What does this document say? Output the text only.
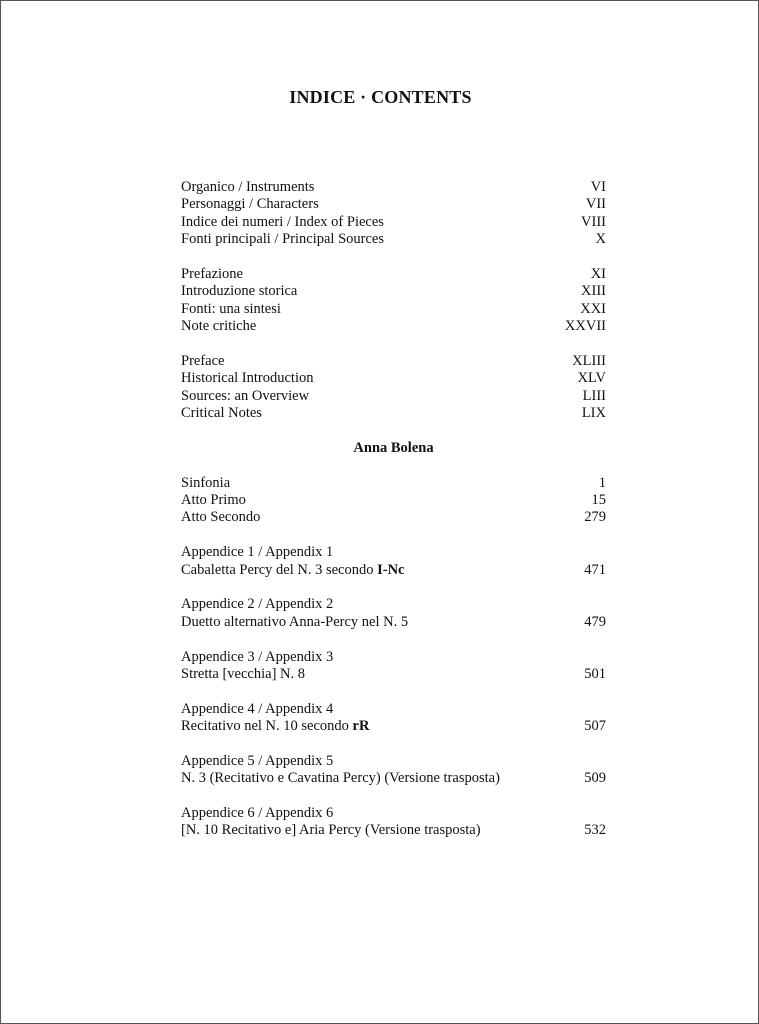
INDICE · CONTENTS
Organico / Instruments	VI
Personaggi / Characters	VII
Indice dei numeri / Index of Pieces	VIII
Fonti principali / Principal Sources	X
Prefazione	XI
Introduzione storica	XIII
Fonti: una sintesi	XXI
Note critiche	XXVII
Preface	XLIII
Historical Introduction	XLV
Sources: an Overview	LIII
Critical Notes	LIX
Anna Bolena
Sinfonia	1
Atto Primo	15
Atto Secondo	279
Appendice 1 / Appendix 1
Cabaletta Percy del N. 3 secondo I-Nc	471
Appendice 2 / Appendix 2
Duetto alternativo Anna-Percy nel N. 5	479
Appendice 3 / Appendix 3
Stretta [vecchia] N. 8	501
Appendice 4 / Appendix 4
Recitativo nel N. 10 secondo rR	507
Appendice 5 / Appendix 5
N. 3 (Recitativo e Cavatina Percy) (Versione trasposta)	509
Appendice 6 / Appendix 6
[N. 10 Recitativo e] Aria Percy (Versione trasposta)	532
